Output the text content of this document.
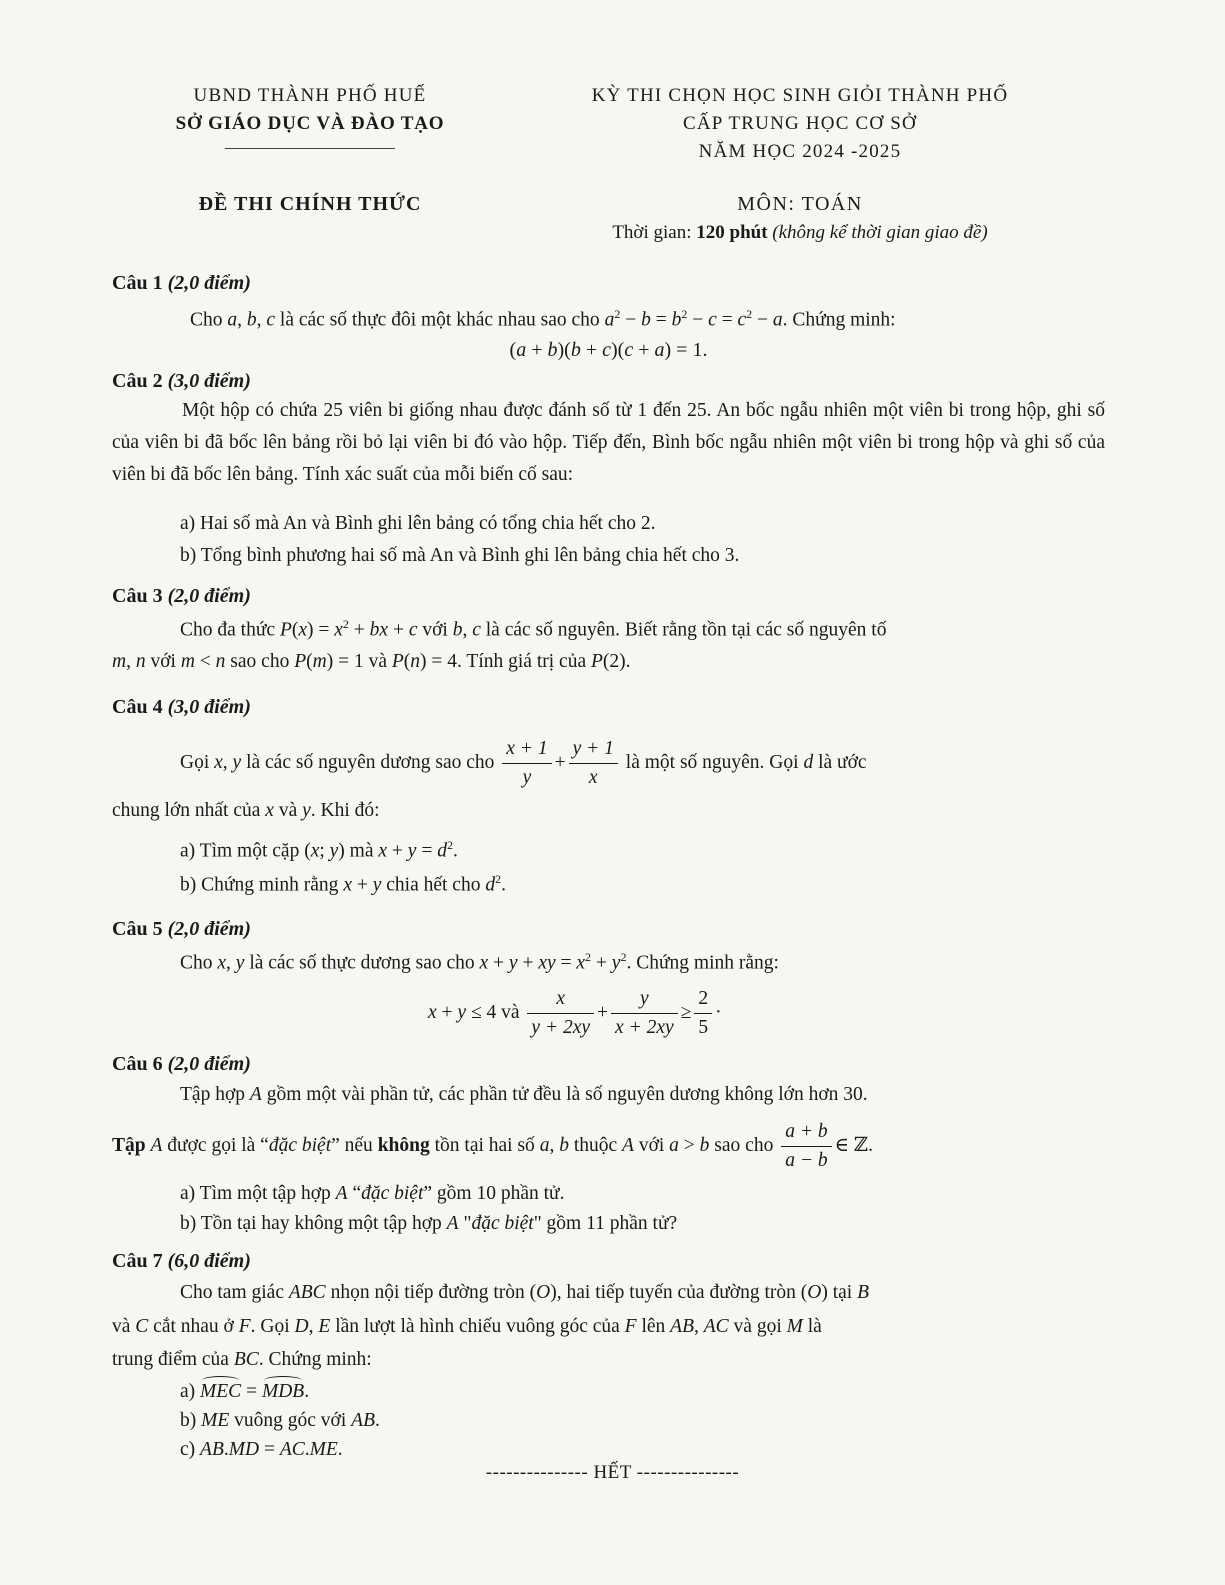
UBND THÀNH PHỐ HUẾ
SỞ GIÁO DỤC VÀ ĐÀO TẠO
KỲ THI CHỌN HỌC SINH GIỎI THÀNH PHỐ
CẤP TRUNG HỌC CƠ SỞ
NĂM HỌC 2024 -2025
ĐỀ THI CHÍNH THỨC	MÔN: TOÁN
Thời gian: 120 phút (không kể thời gian giao đề)
Câu 1 (2,0 điểm)
Cho a, b, c là các số thực đôi một khác nhau sao cho $a^2 - b = b^2 - c = c^2 - a$. Chứng minh:
(a + b)(b + c)(c + a) = 1.
Câu 2 (3,0 điểm)
Một hộp có chứa 25 viên bi giống nhau được đánh số từ 1 đến 25. An bốc ngẫu nhiên một viên bi trong hộp, ghi số của viên bi đã bốc lên bảng rồi bỏ lại viên bi đó vào hộp. Tiếp đến, Bình bốc ngẫu nhiên một viên bi trong hộp và ghi số của viên bi đã bốc lên bảng. Tính xác suất của mỗi biến cố sau:
a) Hai số mà An và Bình ghi lên bảng có tổng chia hết cho 2.
b) Tổng bình phương hai số mà An và Bình ghi lên bảng chia hết cho 3.
Câu 3 (2,0 điểm)
Cho đa thức $P(x) = x^2$ + bx + c với b, c là các số nguyên. Biết rằng tồn tại các số nguyên tố
m, n với m < n sao cho P(m) = 1 và P(n) = 4. Tính giá trị của P(2).
Câu 4 (3,0 điểm)
Gọi x, y là các số nguyên dương sao cho $\frac{x + 1}{y} + \frac{y + 1}{x}$ là một số nguyên. Gọi d là ước
chung lớn nhất của x và y. Khi đó:
a) Tìm một cặp (x; y) mà $x + y = d^2$.
b) Chứng minh rằng x + y chia hết cho $d^2$.
Câu 5 (2,0 điểm)
Cho x, y là các số thực dương sao cho x + y + xy = $x^2 + y^2$. Chứng minh rằng:
x + y ≤ 4 và $\frac{x}{y + 2xy} + \frac{y}{x + 2xy} \ge \frac{2}{5}$ ·
Câu 6 (2,0 điểm)
Tập hợp A gồm một vài phần tử, các phần tử đều là số nguyên dương không lớn hơn 30.
Tập A được gọi là “đặc biệt” nếu không tồn tại hai số a, b thuộc A với a > b sao cho $\frac{a + b}{a - b}$ ∈ ℤ.
a) Tìm một tập hợp A “đặc biệt” gồm 10 phần tử.
b) Tồn tại hay không một tập hợp A "đặc biệt" gồm 11 phần tử?
Câu 7 (6,0 điểm)
Cho tam giác ABC nhọn nội tiếp đường tròn (O), hai tiếp tuyến của đường tròn (O) tại B
và C cắt nhau ở F. Gọi D, E lần lượt là hình chiếu vuông góc của F lên AB, AC và gọi M là
trung điểm của BC. Chứng minh:
a) MEC = MDB.
b) ME vuông góc với AB.
c) AB.MD = AC.ME.
--------------- HẾT ---------------
